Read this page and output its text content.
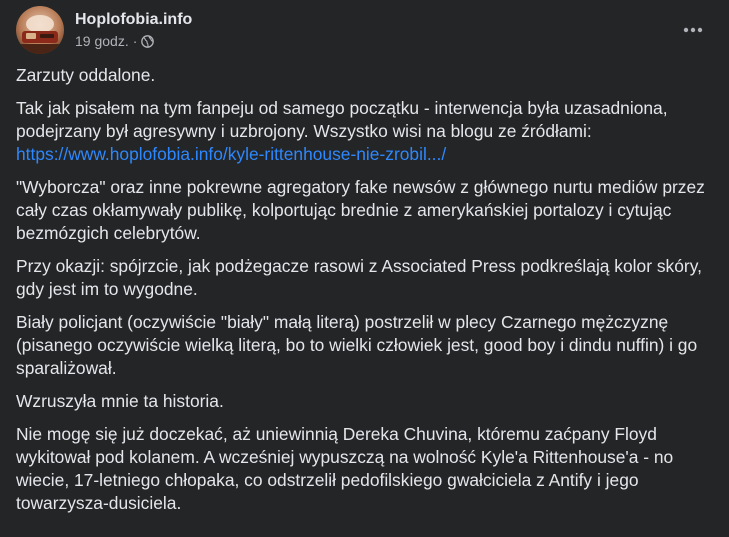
Hoplofobia.info
19 godz. ·

Zarzuty oddalone.

Tak jak pisałem na tym fanpeju od samego początku - interwencja była uzasadniona, podejrzany był agresywny i uzbrojony. Wszystko wisi na blogu ze źródłami:
https://www.hoplofobia.info/kyle-rittenhouse-nie-zrobil.../

"Wyborcza" oraz inne pokrewne agregatory fake newsów z głównego nurtu mediów przez cały czas okłamywały publikę, kolportując brednie z amerykańskiej portalozy i cytując bezmózgich celebrytów.

Przy okazji: spójrzcie, jak podżegacze rasowi z Associated Press podkreślają kolor skóry, gdy jest im to wygodne.

Biały policjant (oczywiście "biały" małą literą) postrzelił w plecy Czarnego mężczyznę (pisanego oczywiście wielką literą, bo to wielki człowiek jest, good boy i dindu nuffin) i go sparaliżował.

Wzruszyła mnie ta historia.

Nie mogę się już doczekać, aż uniewinnią Dereka Chuvina, któremu zaćpany Floyd wykitował pod kolanem. A wcześniej wypuszczą na wolność Kyle'a Rittenhouse'a - no wiecie, 17-letniego chłopaka, co odstrzelił pedofilskiego gwałciciela z Antify i jego towarzysza-dusiciela.
